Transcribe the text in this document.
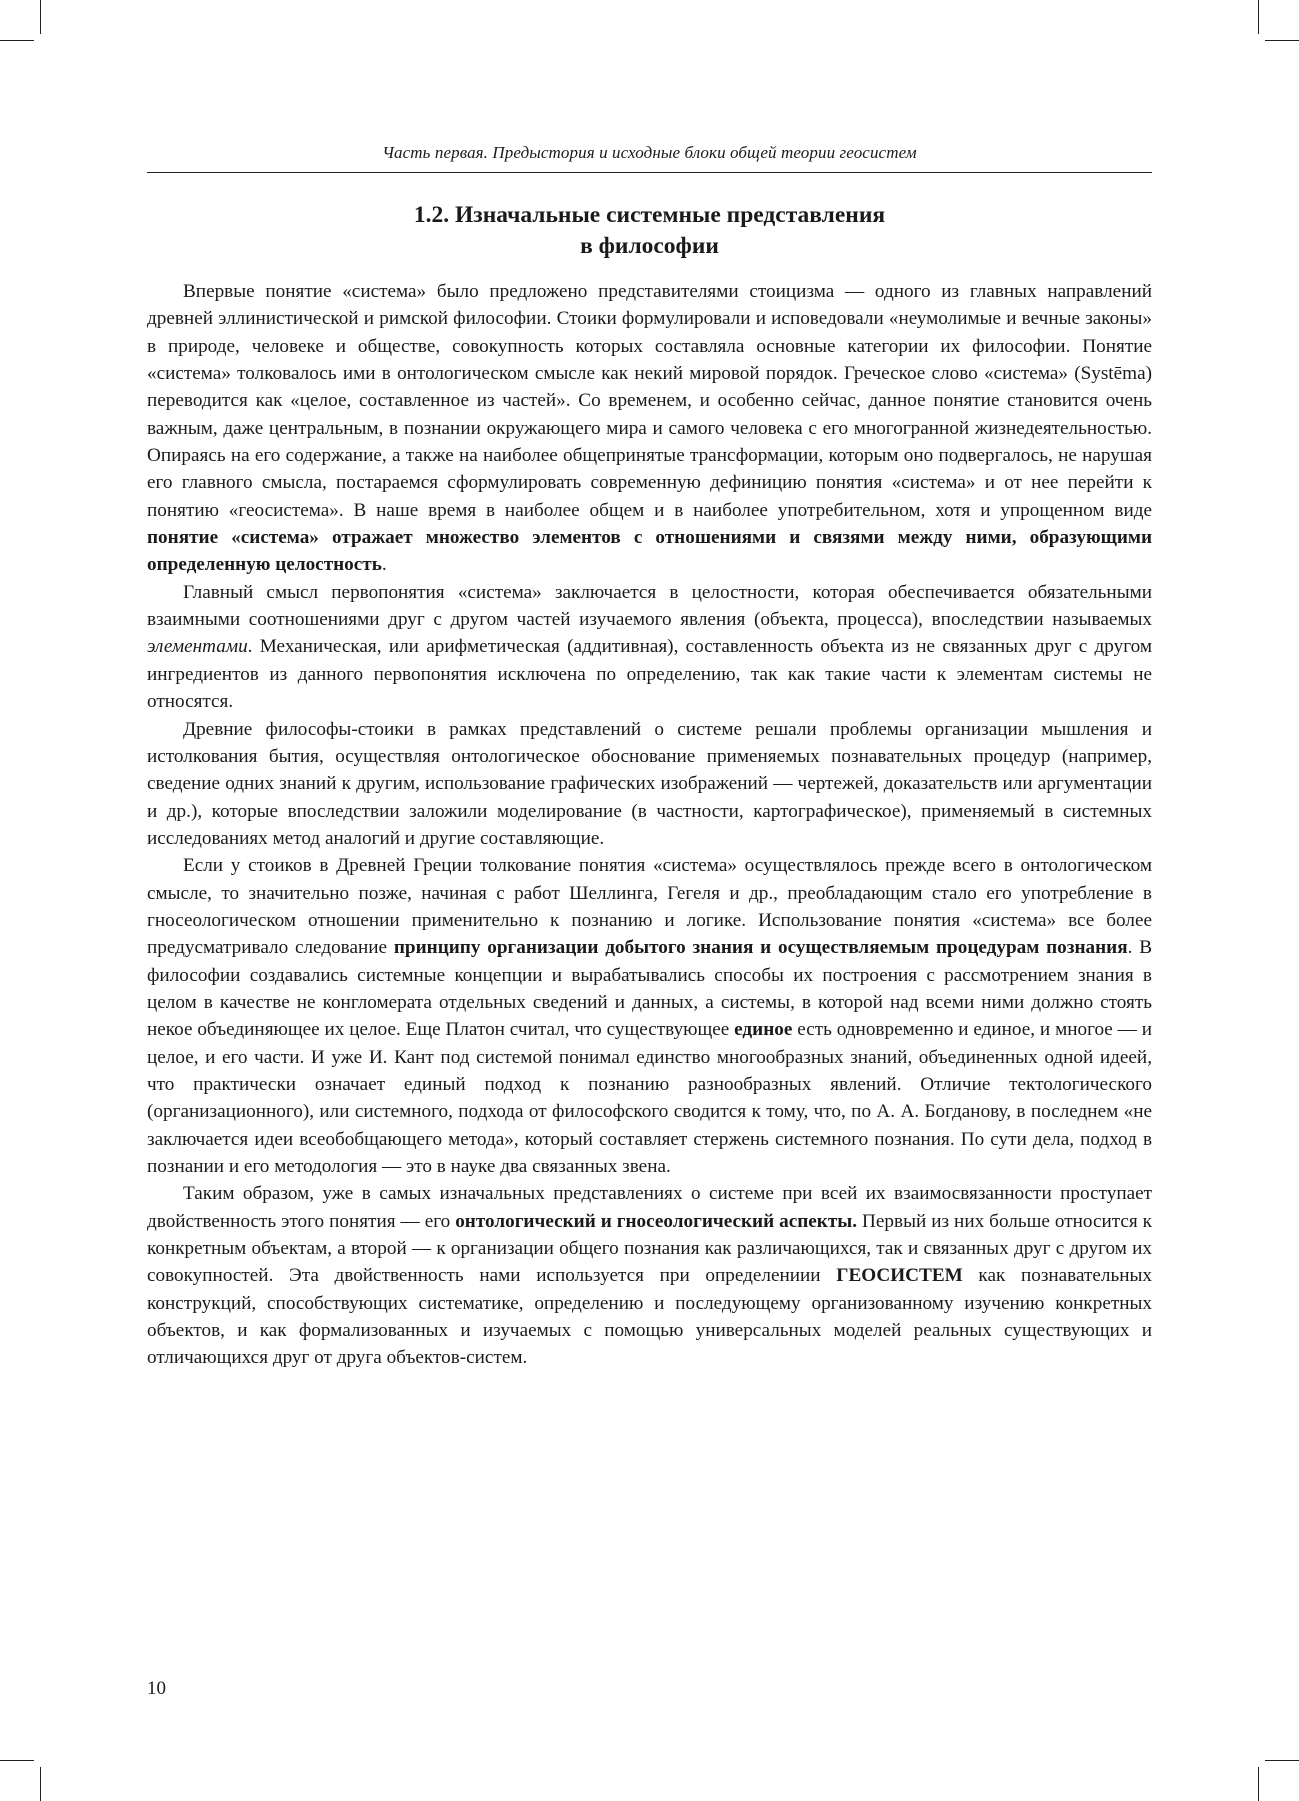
Часть первая. Предыстория и исходные блоки общей теории геосистем
1.2. Изначальные системные представления
в философии

Впервые понятие «система» было предложено представителями стоицизма — одного из главных направлений древней эллинистической и римской философии. Стоики формулировали и исповедовали «неумолимые и вечные законы» в природе, человеке и обществе, совокупность которых составляла основные категории их философии. Понятие «система» толковалось ими в онтологическом смысле как некий мировой порядок. Греческое слово «система» (Systēma) переводится как «целое, составленное из частей». Со временем, и особенно сейчас, данное понятие становится очень важным, даже центральным, в познании окружающего мира и самого человека с его многогранной жизнедеятельностью. Опираясь на его содержание, а также на наиболее общепринятые трансформации, которым оно подвергалось, не нарушая его главного смысла, постараемся сформулировать современную дефиницию понятия «система» и от нее перейти к понятию «геосистема». В наше время в наиболее общем и в наиболее употребительном, хотя и упрощенном виде понятие «система» отражает множество элементов с отношениями и связями между ними, образующими определенную целостность.

Главный смысл первопонятия «система» заключается в целостности, которая обеспечивается обязательными взаимными соотношениями друг с другом частей изучаемого явления (объекта, процесса), впоследствии называемых элементами. Механическая, или арифметическая (аддитивная), составленность объекта из не связанных друг с другом ингредиентов из данного первопонятия исключена по определению, так как такие части к элементам системы не относятся.

Древние философы-стоики в рамках представлений о системе решали проблемы организации мышления и истолкования бытия, осуществляя онтологическое обоснование применяемых познавательных процедур (например, сведение одних знаний к другим, использование графических изображений — чертежей, доказательств или аргументации и др.), которые впоследствии заложили моделирование (в частности, картографическое), применяемый в системных исследованиях метод аналогий и другие составляющие.

Если у стоиков в Древней Греции толкование понятия «система» осуществлялось прежде всего в онтологическом смысле, то значительно позже, начиная с работ Шеллинга, Гегеля и др., преобладающим стало его употребление в гносеологическом отношении применительно к познанию и логике. Использование понятия «система» все более предусматривало следование принципу организации добытого знания и осуществляемым процедурам познания. В философии создавались системные концепции и вырабатывались способы их построения с рассмотрением знания в целом в качестве не конгломерата отдельных сведений и данных, а системы, в которой над всеми ними должно стоять некое объединяющее их целое. Еще Платон считал, что существующее единое есть одновременно и единое, и многое — и целое, и его части. И уже И. Кант под системой понимал единство многообразных знаний, объединенных одной идеей, что практически означает единый подход к познанию разнообразных явлений. Отличие тектологического (организационного), или системного, подхода от философского сводится к тому, что, по А. А. Богданову, в последнем «не заключается идеи всеобобщающего метода», который составляет стержень системного познания. По сути дела, подход в познании и его методология — это в науке два связанных звена.

Таким образом, уже в самых изначальных представлениях о системе при всей их взаимосвязанности проступает двойственность этого понятия — его онтологический и гносеологический аспекты. Первый из них больше относится к конкретным объектам, а второй — к организации общего познания как различающихся, так и связанных друг с другом их совокупностей. Эта двойственность нами используется при определениии ГЕОСИСТЕМ как познавательных конструкций, способствующих систематике, определению и последующему организованному изучению конкретных объектов, и как формализованных и изучаемых с помощью универсальных моделей реальных существующих и отличающихся друг от друга объектов-систем.

10
